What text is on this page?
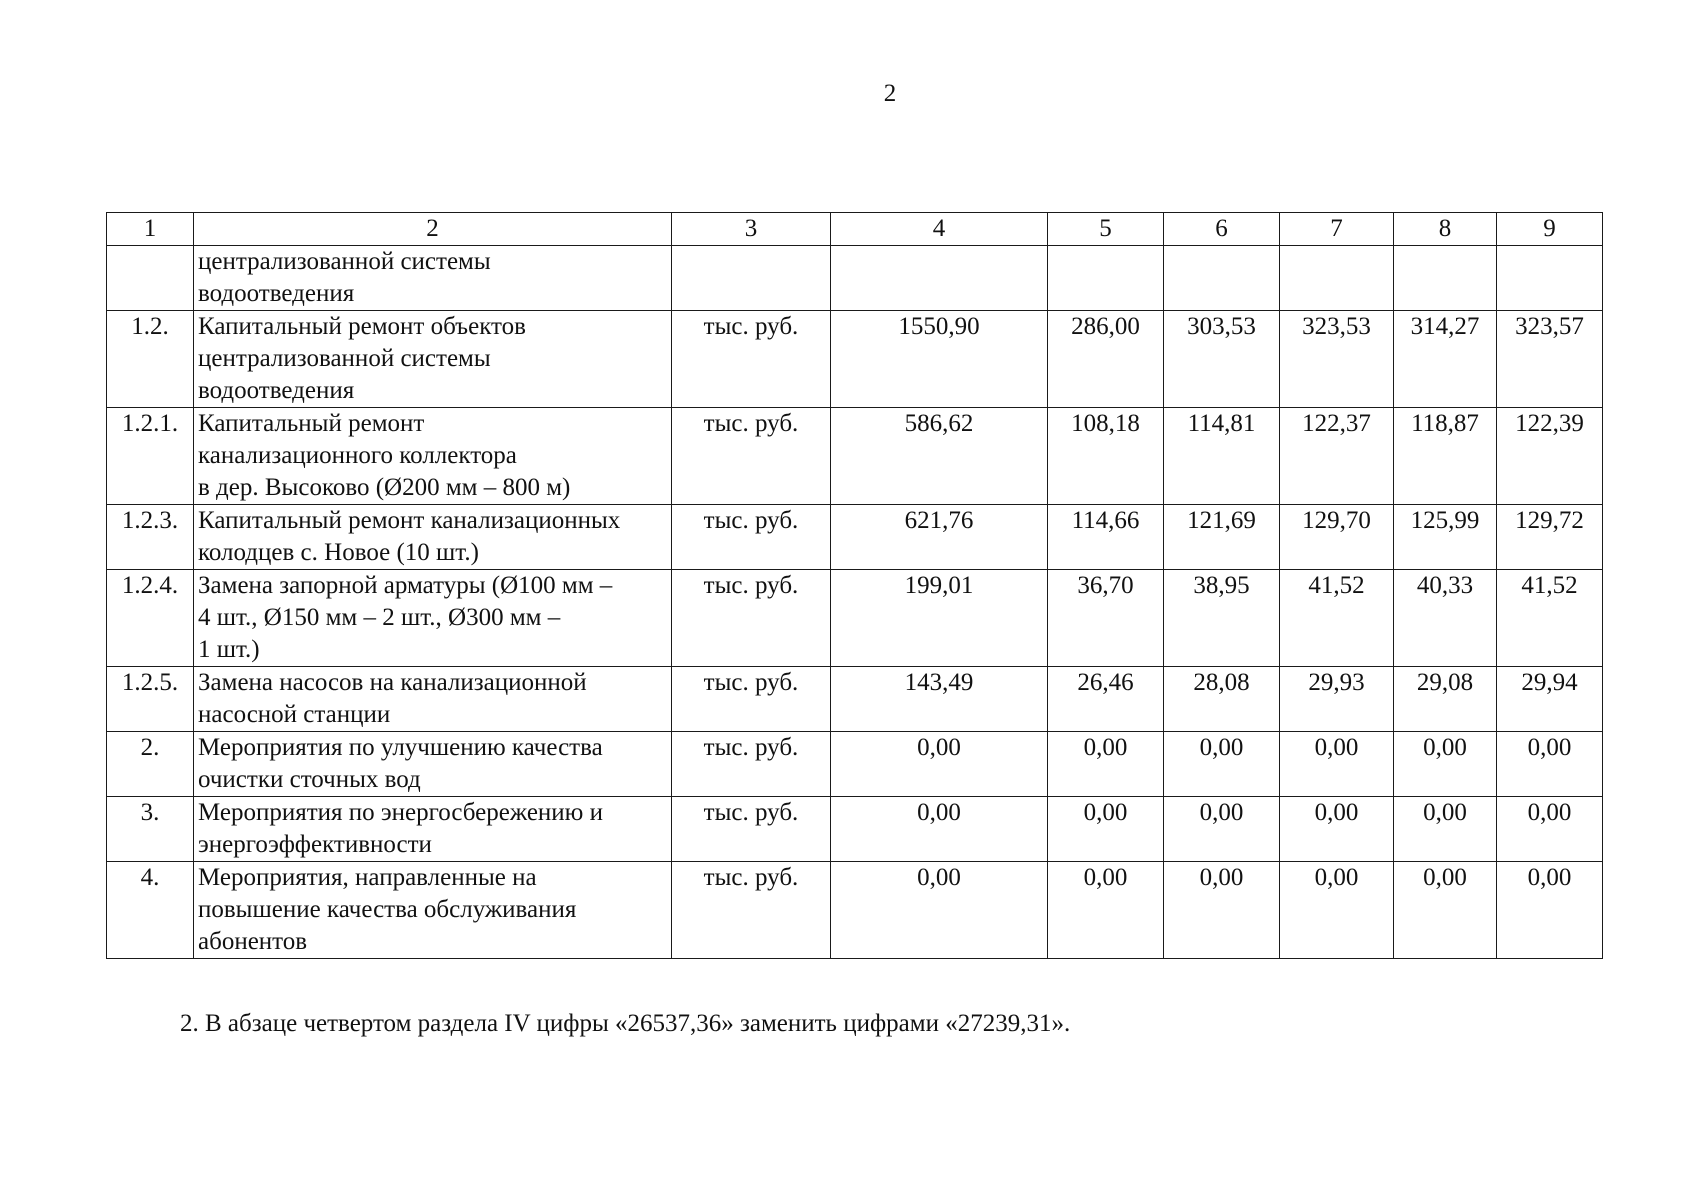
2
1	2	3	4	5	6	7	8	9

	централизованной системы
водоотведения							

1.2.	Капитальный ремонт объектов
централизованной системы
водоотведения	тыс. руб.	1550,90	286,00	303,53	323,53	314,27	323,57
1.2.1.	Капитальный ремонт
канализационного коллектора
в дер. Высоково (Ø200 мм – 800 м)	тыс. руб.	586,62	108,18	114,81	122,37	118,87	122,39
1.2.3.	Капитальный ремонт канализационных
колодцев с. Новое (10 шт.)	тыс. руб.	621,76	114,66	121,69	129,70	125,99	129,72
1.2.4.	Замена запорной арматуры (Ø100 мм –
4 шт., Ø150 мм – 2 шт., Ø300 мм –
1 шт.)	тыс. руб.	199,01	36,70	38,95	41,52	40,33	41,52
1.2.5.	Замена насосов на канализационной
насосной станции	тыс. руб.	143,49	26,46	28,08	29,93	29,08	29,94
2.	Мероприятия по улучшению качества
очистки сточных вод	тыс. руб.	0,00	0,00	0,00	0,00	0,00	0,00
3.	Мероприятия по энергосбережению и
энергоэффективности	тыс. руб.	0,00	0,00	0,00	0,00	0,00	0,00
4.	Мероприятия, направленные на
повышение качества обслуживания
абонентов	тыс. руб.	0,00	0,00	0,00	0,00	0,00	0,00
2. В абзаце четвертом раздела IV цифры «26537,36» заменить цифрами «27239,31».
